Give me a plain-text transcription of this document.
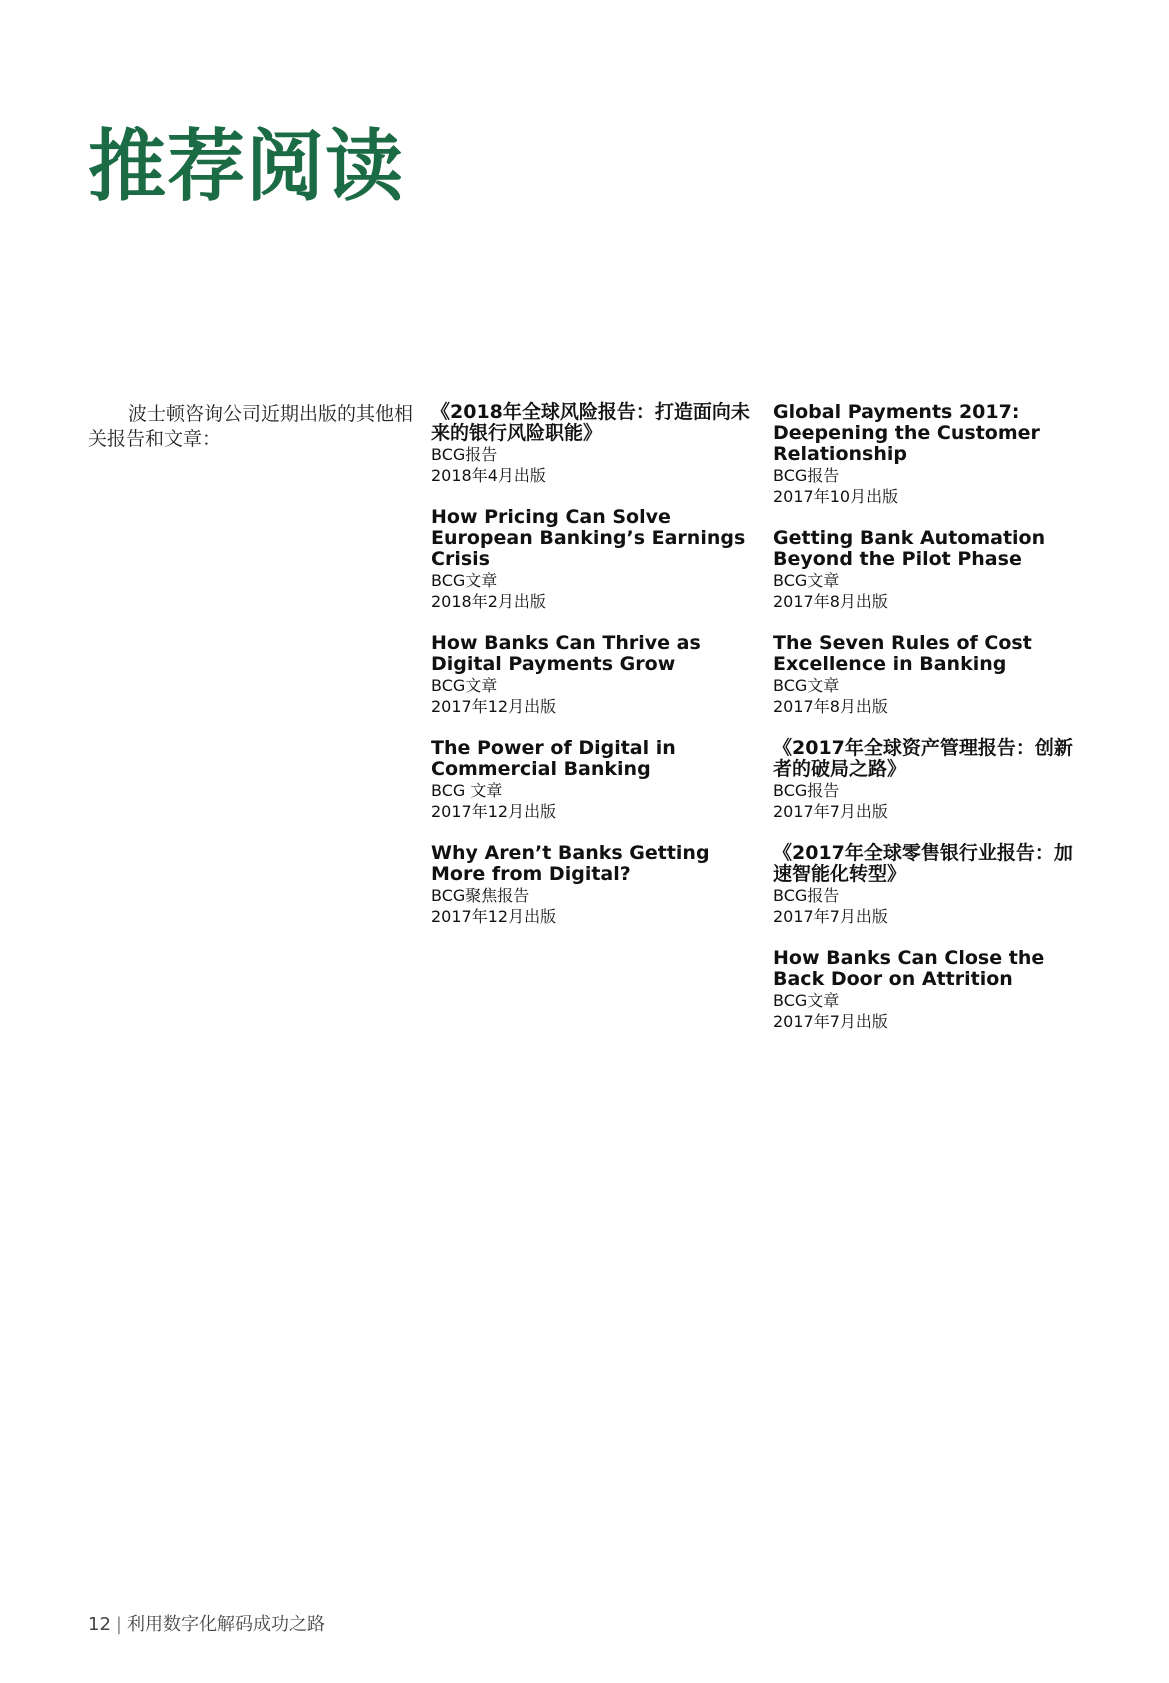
推荐阅读

波士顿咨询公司近期出版的其他相关报告和文章：

《2018年全球风险报告：打造面向未来的银行风险职能》

BCG报告

2018年4月出版

How Pricing Can Solve European Banking’s Earnings Crisis

BCG文章

2018年2月出版

How Banks Can Thrive as Digital Payments Grow

BCG文章

2017年12月出版

The Power of Digital in Commercial Banking

BCG 文章

2017年12月出版

Why Aren’t Banks Getting More from Digital?

BCG聚焦报告

2017年12月出版

Global Payments 2017: Deepening the Customer Relationship

BCG报告

2017年10月出版

Getting Bank Automation Beyond the Pilot Phase

BCG文章

2017年8月出版

The Seven Rules of Cost Excellence in Banking

BCG文章

2017年8月出版

《2017年全球资产管理报告：创新者的破局之路》

BCG报告

2017年7月出版

《2017年全球零售银行业报告：加速智能化转型》

BCG报告

2017年7月出版

How Banks Can Close the Back Door on Attrition

BCG文章

2017年7月出版

12 | 利用数字化解码成功之路
